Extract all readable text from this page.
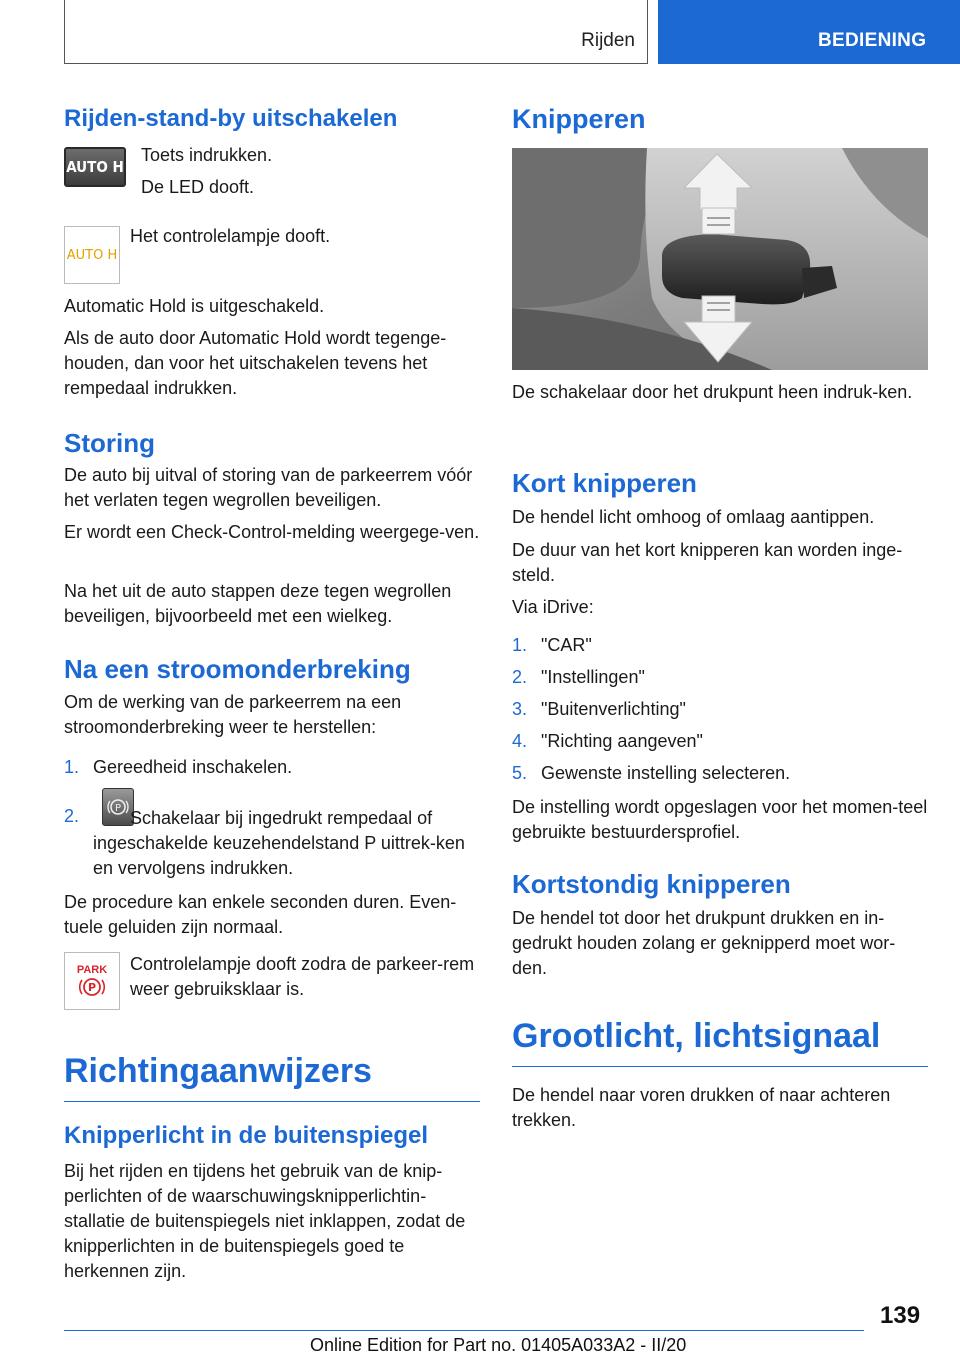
Rijden	BEDIENING
Rijden-stand-by uitschakelen
AUTO H

Toets indrukken.

De LED dooft.

AUTO H

Het controlelampje dooft.

Automatic Hold is uitgeschakeld.

Als de auto door Automatic Hold wordt tegenge-houden, dan voor het uitschakelen tevens het rempedaal indrukken.

Storing

De auto bij uitval of storing van de parkeerrem vóór het verlaten tegen wegrollen beveiligen.

Er wordt een Check-Control-melding weergege-ven.

Na het uit de auto stappen deze tegen wegrollen beveiligen, bijvoorbeeld met een wielkeg.

Na een stroomonderbreking

Om de werking van de parkeerrem na een stroomonderbreking weer te herstellen:

1. Gereedheid inschakelen.
2.	P Schakelaar bij ingedrukt rempedaal of ingeschakelde keuzehendelstand P uittrek-ken en vervolgens indrukken.

De procedure kan enkele seconden duren. Even-tuele geluiden zijn normaal.

PARK
P

Controlelampje dooft zodra de parkeer-rem weer gebruiksklaar is.

Richtingaanwijzers
Knipperlicht in de buitenspiegel

Bij het rijden en tijdens het gebruik van de knip-perlichten of de waarschuwingsknipperlichtin-stallatie de buitenspiegels niet inklappen, zodat de knipperlichten in de buitenspiegels goed te herkennen zijn.

Knipperen

De schakelaar door het drukpunt heen indruk-ken.

Kort knipperen

De hendel licht omhoog of omlaag aantippen.

De duur van het kort knipperen kan worden inge-steld.

Via iDrive:

1. "CAR"
2. "Instellingen"
3. "Buitenverlichting"
4. "Richting aangeven"
5. Gewenste instelling selecteren.

De instelling wordt opgeslagen voor het momen-teel gebruikte bestuurdersprofiel.

Kortstondig knipperen

De hendel tot door het drukpunt drukken en in-gedrukt houden zolang er geknipperd moet wor-den.

Grootlicht, lichtsignaal

De hendel naar voren drukken of naar achteren trekken.

139
Online Edition for Part no. 01405A033A2 - II/20
